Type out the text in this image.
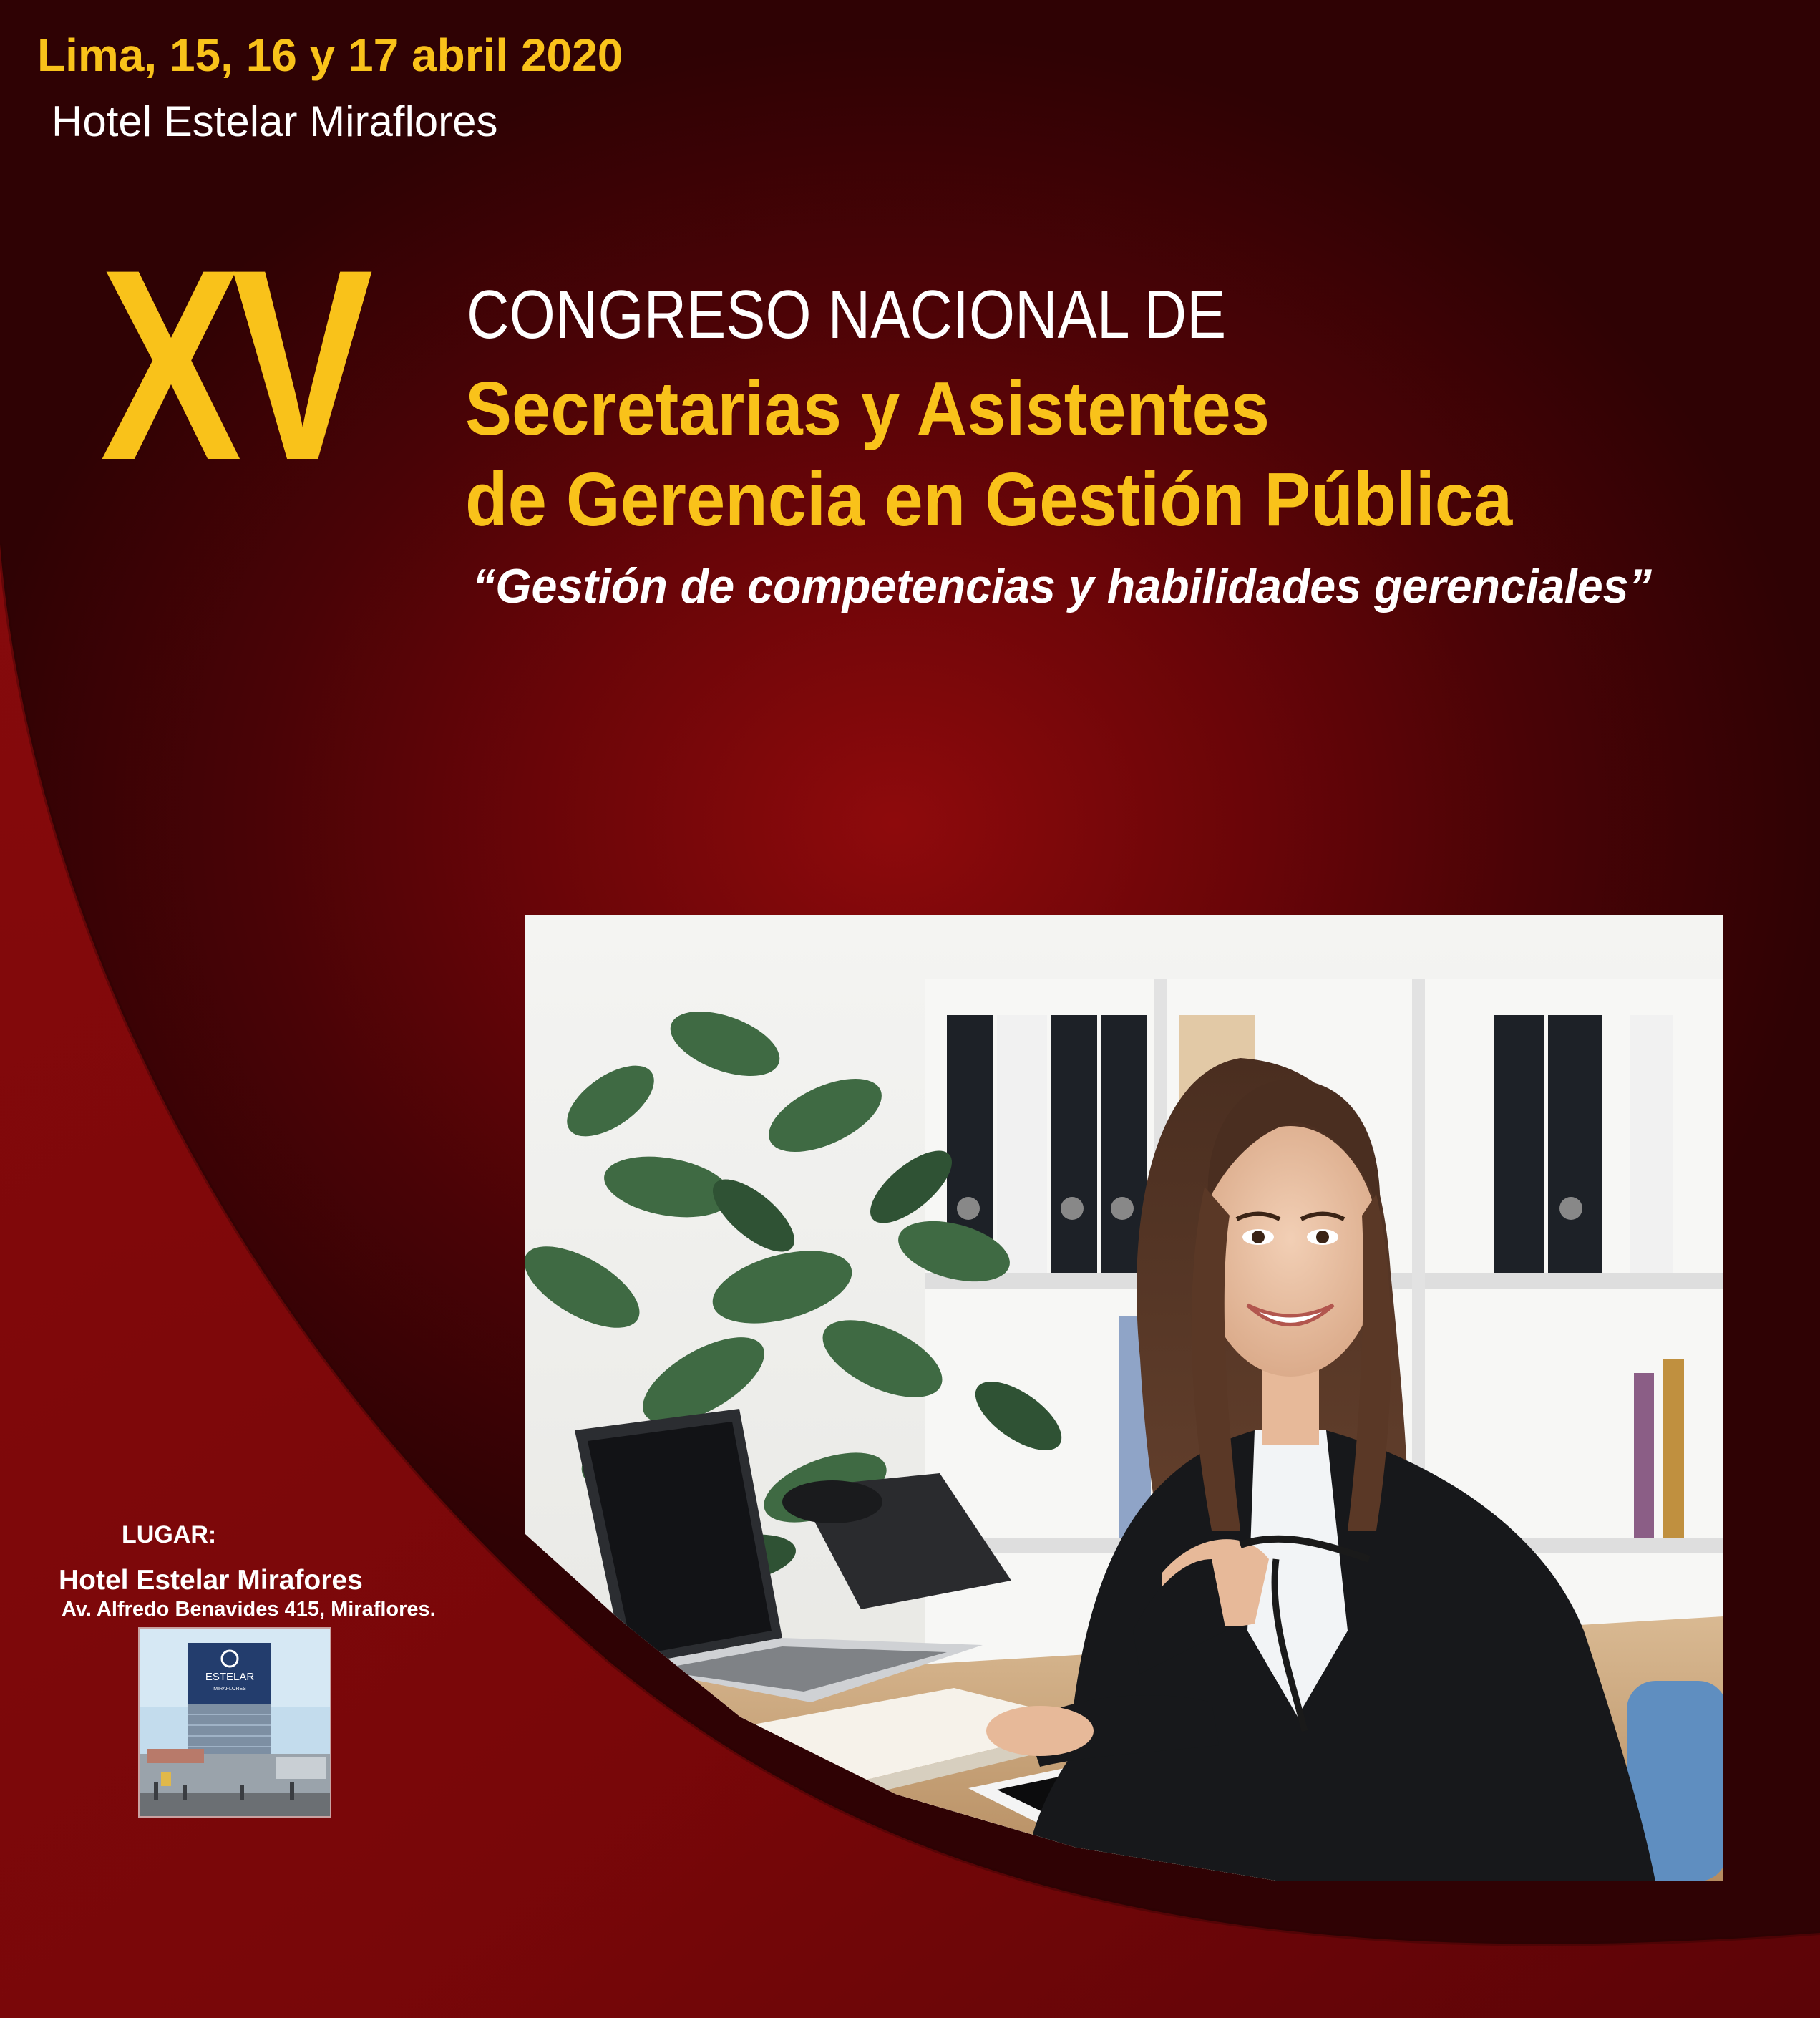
Lima, 15, 16 y 17 abril 2020
Hotel Estelar Miraflores
XV CONGRESO NACIONAL DE
Secretarias y Asistentes
de Gerencia en Gestión Pública
“Gestión de competencias y habilidades gerenciales”
LUGAR:
Hotel Estelar Mirafores
Av. Alfredo Benavides 415, Miraflores.
ESTELAR
MIRAFLORES
